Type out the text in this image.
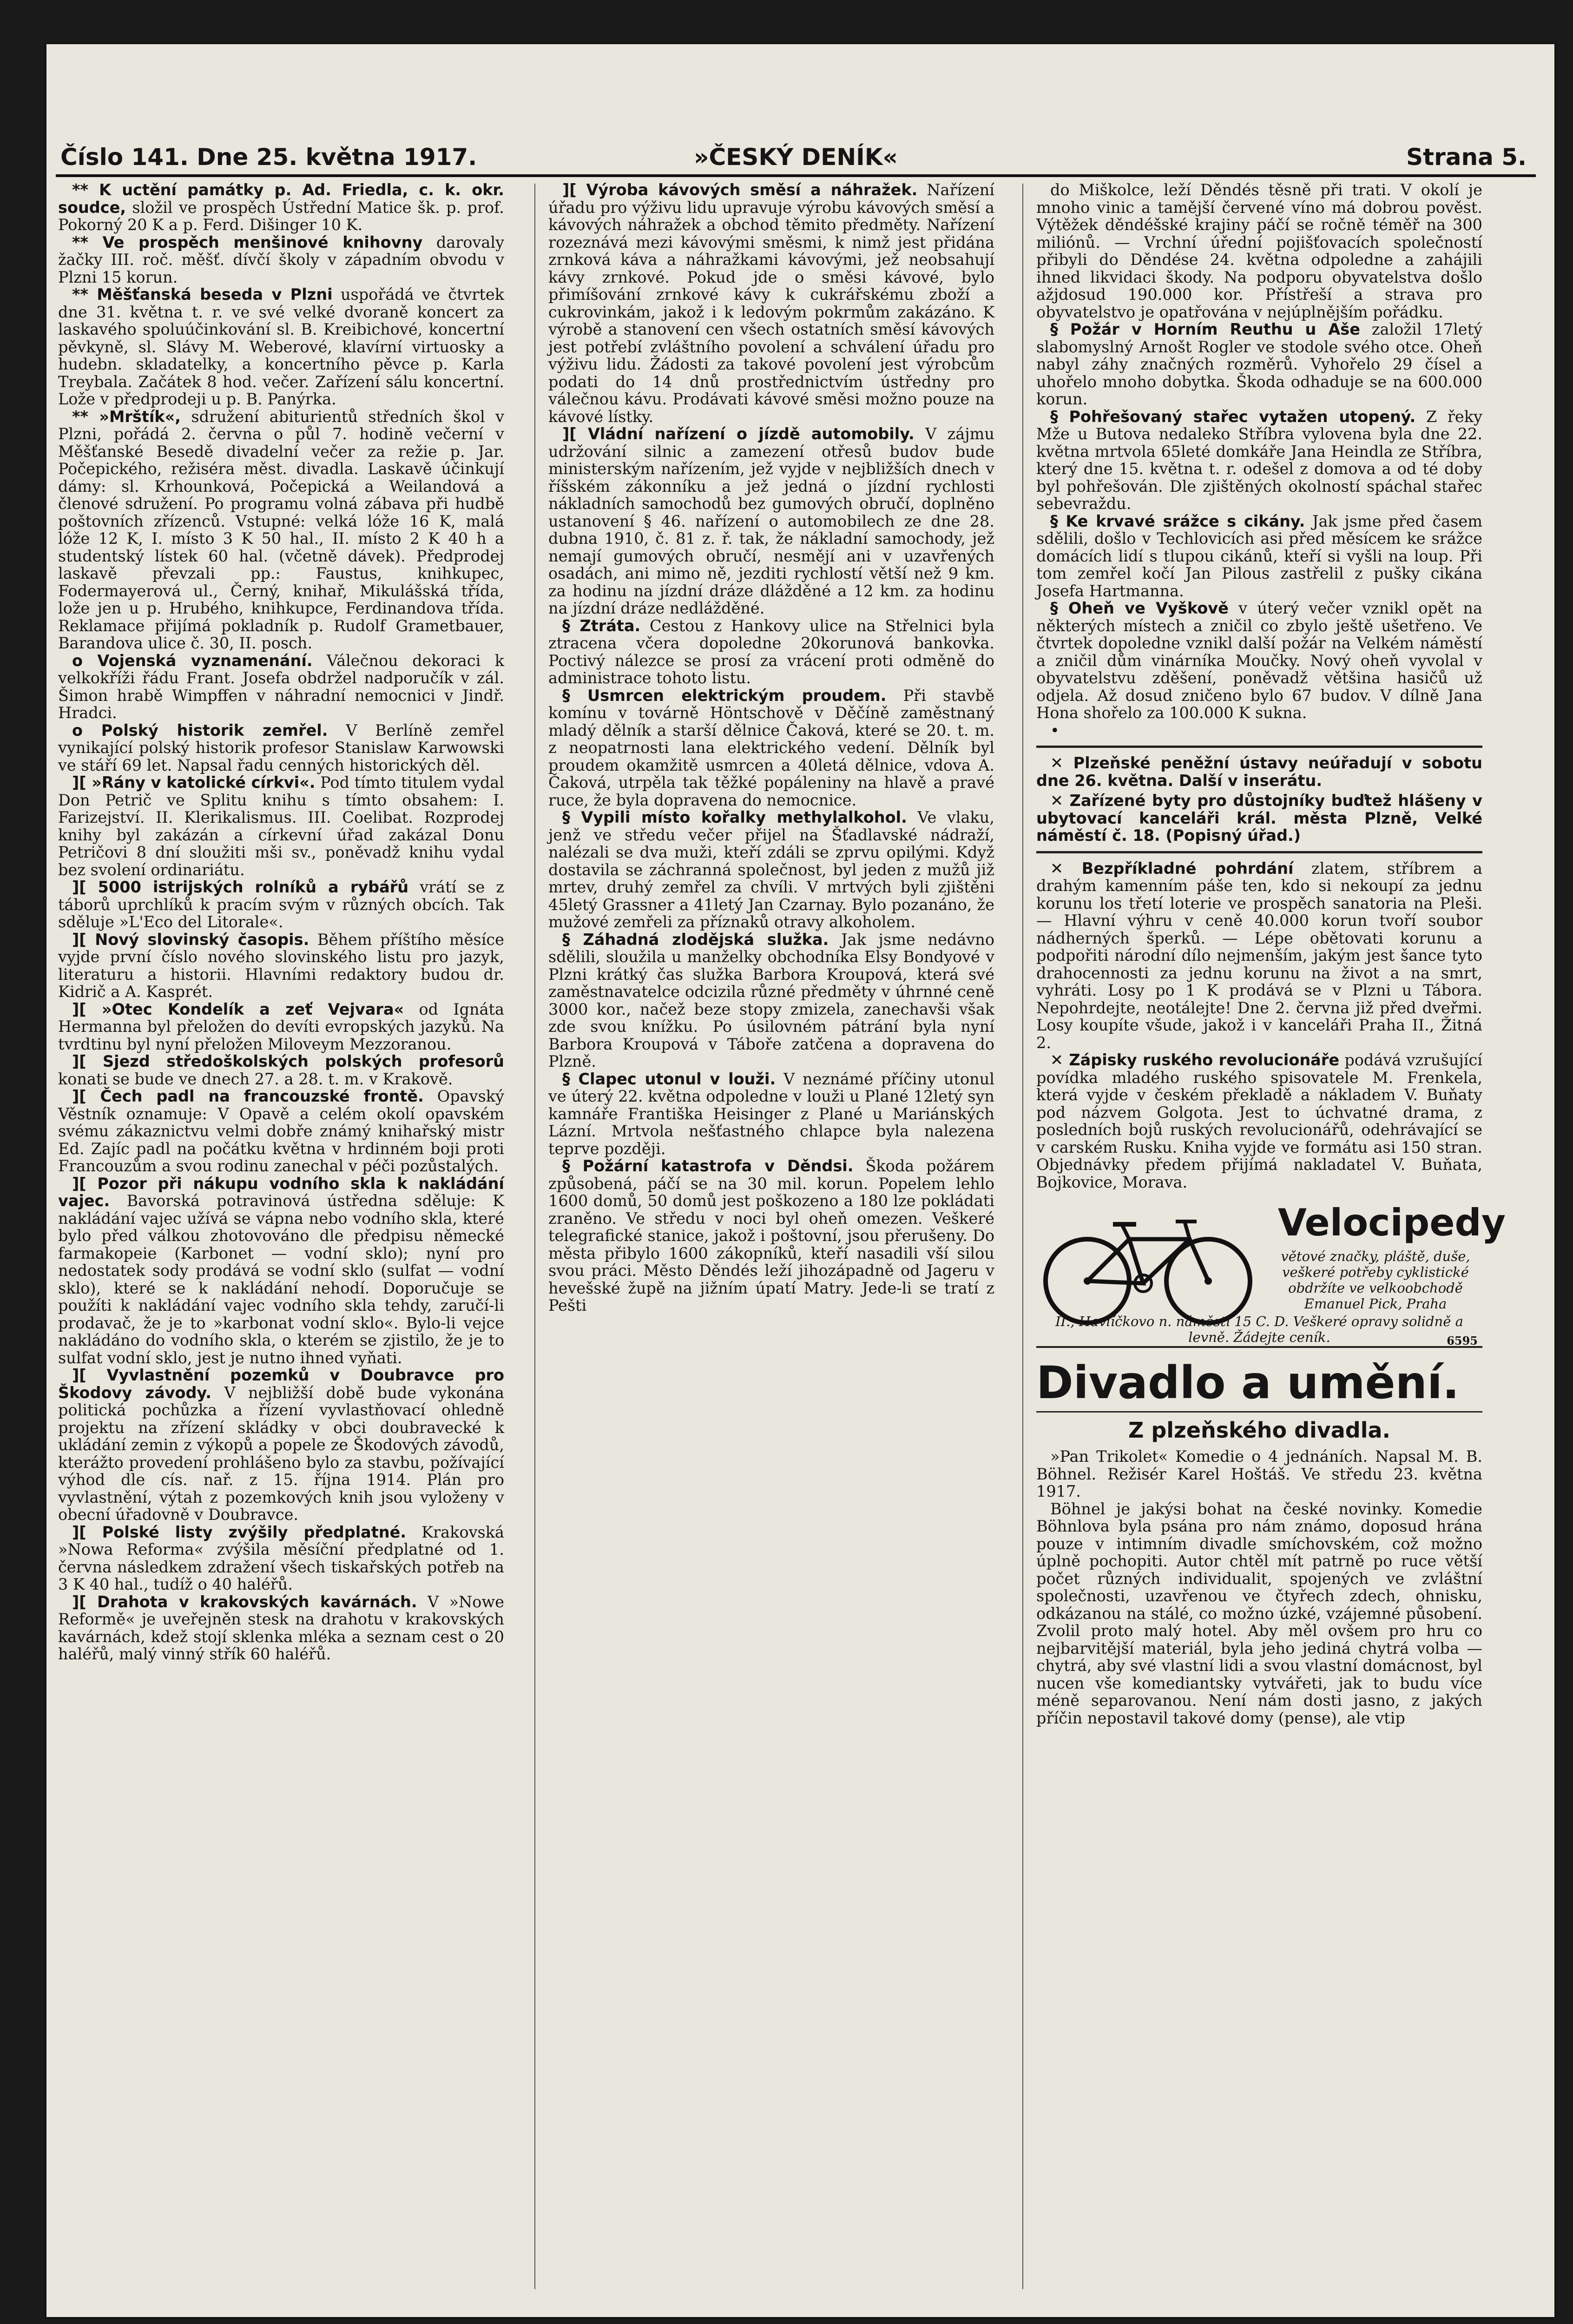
Číslo 141. Dne 25. května 1917.	»ČESKÝ DENÍK«	Strana 5.

** K uctění památky p. Ad. Friedla, c. k. okr. soudce, složil ve prospěch Ústřední Matice šk. p. prof. Pokorný 20 K a p. Ferd. Dišinger 10 K.

** Ve prospěch menšinové knihovny darovaly žačky III. roč. měšť. dívčí školy v západním obvodu v Plzni 15 korun.

** Měšťanská beseda v Plzni uspořádá ve čtvrtek dne 31. května t. r. ve své velké dvoraně koncert za laskavého spoluúčinkování sl. B. Kreibichové, koncertní pěvkyně, sl. Slávy M. Weberové, klavírní virtuosky a hudebn. skladatelky, a koncertního pěvce p. Karla Treybala. Začátek 8 hod. večer. Zařízení sálu koncertní. Lože v předprodeji u p. B. Panýrka.

** »Mrštík«, sdružení abiturientů středních škol v Plzni, pořádá 2. června o půl 7. hodině večerní v Měšťanské Besedě divadelní večer za režie p. Jar. Počepického, režiséra měst. divadla. Laskavě účinkují dámy: sl. Krhounková, Počepická a Weilandová a členové sdružení. Po programu volná zábava při hudbě poštovních zřízenců. Vstupné: velká lóže 16 K, malá lóže 12 K, I. místo 3 K 50 hal., II. místo 2 K 40 h a studentský lístek 60 hal. (včetně dávek). Předprodej laskavě převzali pp.: Faustus, knihkupec, Fodermayerová ul., Černý, knihař, Mikulášská třída, lože jen u p. Hrubého, knihkupce, Ferdinandova třída. Reklamace přijímá pokladník p. Rudolf Grametbauer, Barandova ulice č. 30, II. posch.

o Vojenská vyznamenání. Válečnou dekoraci k velkokříži řádu Frant. Josefa obdržel nadporučík v zál. Šimon hrabě Wimpffen v náhradní nemocnici v Jindř. Hradci.

o Polský historik zemřel. V Berlíně zemřel vynikající polský historik profesor Stanislaw Karwowski ve stáří 69 let. Napsal řadu cenných historických děl.

][ »Rány v katolické církvi«. Pod tímto titulem vydal Don Petrič ve Splitu knihu s tímto obsahem: I. Farizejství. II. Klerikalismus. III. Coelibat. Rozprodej knihy byl zakázán a církevní úřad zakázal Donu Petričovi 8 dní sloužiti mši sv., poněvadž knihu vydal bez svolení ordinariátu.

][ 5000 istrijských rolníků a rybářů vrátí se z táborů uprchlíků k pracím svým v různých obcích. Tak sděluje »L'Eco del Litorale«.

][ Nový slovinský časopis. Během příštího měsíce vyjde první číslo nového slovinského listu pro jazyk, literaturu a historii. Hlavními redaktory budou dr. Kidrič a A. Kasprét.

][ »Otec Kondelík a zeť Vejvara« od Ignáta Hermanna byl přeložen do devíti evropských jazyků. Na tvrdtinu byl nyní přeložen Miloveym Mezzoranou.

][ Sjezd středoškolských polských profesorů konati se bude ve dnech 27. a 28. t. m. v Krakově.

][ Čech padl na francouzské frontě. Opavský Věstník oznamuje: V Opavě a celém okolí opavském svému zákaznictvu velmi dobře známý knihařský mistr Ed. Zajíc padl na počátku května v hrdinném boji proti Francouzům a svou rodinu zanechal v péči pozůstalých.

][ Pozor při nákupu vodního skla k nakládání vajec. Bavorská potravinová ústředna sděluje: K nakládání vajec užívá se vápna nebo vodního skla, které bylo před válkou zhotovováno dle předpisu německé farmakopeie (Karbonet — vodní sklo); nyní pro nedostatek sody prodává se vodní sklo (sulfat — vodní sklo), které se k nakládání nehodí. Doporučuje se použíti k nakládání vajec vodního skla tehdy, zaručí-li prodavač, že je to »karbonat vodní sklo«. Bylo-li vejce nakládáno do vodního skla, o kterém se zjistilo, že je to sulfat vodní sklo, jest je nutno ihned vyňati.

][ Vyvlastnění pozemků v Doubravce pro Škodovy závody. V nejbližší době bude vykonána politická pochůzka a řízení vyvlastňovací ohledně projektu na zřízení skládky v obci doubravecké k ukládání zemin z výkopů a popele ze Škodových závodů, kterážto provedení prohlášeno bylo za stavbu, požívající výhod dle cís. nař. z 15. října 1914. Plán pro vyvlastnění, výtah z pozemkových knih jsou vyloženy v obecní úřadovně v Doubravce.

][ Polské listy zvýšily předplatné. Krakovská »Nowa Reforma« zvýšila měsíční předplatné od 1. června následkem zdražení všech tiskařských potřeb na 3 K 40 hal., tudíž o 40 haléřů.

][ Drahota v krakovských kavárnách. V »Nowe Reformě« je uveřejněn stesk na drahotu v krakovských kavárnách, kdež stojí sklenka mléka a seznam cest o 20 haléřů, malý vinný střík 60 haléřů.

][ Výroba kávových směsí a náhražek. Nařízení úřadu pro výživu lidu upravuje výrobu kávových směsí a kávových náhražek a obchod těmito předměty. Nařízení rozeznává mezi kávovými směsmi, k nimž jest přidána zrnková káva a náhražkami kávovými, jež neobsahují kávy zrnkové. Pokud jde o směsi kávové, bylo přimíšování zrnkové kávy k cukrářskému zboží a cukrovinkám, jakož i k ledovým pokrmům zakázáno. K výrobě a stanovení cen všech ostatních směsí kávových jest potřebí zvláštního povolení a schválení úřadu pro výživu lidu. Žádosti za takové povolení jest výrobcům podati do 14 dnů prostřednictvím ústředny pro válečnou kávu. Prodávati kávové směsi možno pouze na kávové lístky.

][ Vládní nařízení o jízdě automobily. V zájmu udržování silnic a zamezení otřesů budov bude ministerským nařízením, jež vyjde v nejbližších dnech v říšském zákonníku a jež jedná o jízdní rychlosti nákladních samochodů bez gumových obručí, doplněno ustanovení § 46. nařízení o automobilech ze dne 28. dubna 1910, č. 81 z. ř. tak, že nákladní samochody, jež nemají gumových obručí, nesmějí ani v uzavřených osadách, ani mimo ně, jezditi rychlostí větší než 9 km. za hodinu na jízdní dráze dlážděné a 12 km. za hodinu na jízdní dráze nedlážděné.

§ Ztráta. Cestou z Hankovy ulice na Střelnici byla ztracena včera dopoledne 20korunová bankovka. Poctivý nálezce se prosí za vrácení proti odměně do administrace tohoto listu.

§ Usmrcen elektrickým proudem. Při stavbě komínu v továrně Höntschově v Děčíně zaměstnaný mladý dělník a starší dělnice Čaková, které se 20. t. m. z neopatrnosti lana elektrického vedení. Dělník byl proudem okamžitě usmrcen a 40letá dělnice, vdova A. Čaková, utrpěla tak těžké popáleniny na hlavě a pravé ruce, že byla dopravena do nemocnice.

§ Vypili místo kořalky methylalkohol. Ve vlaku, jenž ve středu večer přijel na Šťadlavské nádraží, nalézali se dva muži, kteří zdáli se zprvu opilými. Když dostavila se záchranná společnost, byl jeden z mužů již mrtev, druhý zemřel za chvíli. V mrtvých byli zjištěni 45letý Grassner a 41letý Jan Czarnay. Bylo pozanáno, že mužové zemřeli za příznaků otravy alkoholem.

§ Záhadná zlodějská služka. Jak jsme nedávno sdělili, sloužila u manželky obchodníka Elsy Bondyové v Plzni krátký čas služka Barbora Kroupová, která své zaměstnavatelce odcizila různé předměty v úhrnné ceně 3000 kor., načež beze stopy zmizela, zanechavši však zde svou knížku. Po úsilovném pátrání byla nyní Barbora Kroupová v Táboře zatčena a dopravena do Plzně.

§ Clapec utonul v louži. V neznámé příčiny utonul ve úterý 22. května odpoledne v louži u Plané 12letý syn kamnáře Františka Heisinger z Plané u Mariánských Lázní. Mrtvola nešťastného chlapce byla nalezena teprve později.

§ Požární katastrofa v Děndsi. Škoda požárem způsobená, páčí se na 30 mil. korun. Popelem lehlo 1600 domů, 50 domů jest poškozeno a 180 lze pokládati zraněno. Ve středu v noci byl oheň omezen. Veškeré telegrafické stanice, jakož i poštovní, jsou přerušeny. Do města přibylo 1600 zákopníků, kteří nasadili vší silou svou práci. Město Děndés leží jihozápadně od Jageru v hevešské župě na jižním úpatí Matry. Jede-li se tratí z Pešti

do Miškolce, leží Děndés těsně při trati. V okolí je mnoho vinic a tamější červené víno má dobrou pověst. Výtěžek děndéšské krajiny páčí se ročně téměř na 300 miliónů. — Vrchní úřední pojišťovacích společností přibyli do Děndése 24. května odpoledne a zahájili ihned likvidaci škody. Na podporu obyvatelstva došlo ažjdosud 190.000 kor. Přístřeší a strava pro obyvatelstvo je opatřována v nejúplnějším pořádku.

§ Požár v Horním Reuthu u Aše založil 17letý slabomyslný Arnošt Rogler ve stodole svého otce. Oheň nabyl záhy značných rozměrů. Vyhořelo 29 čísel a uhořelo mnoho dobytka. Škoda odhaduje se na 600.000 korun.

§ Pohřešovaný stařec vytažen utopený. Z řeky Mže u Butova nedaleko Stříbra vylovena byla dne 22. května mrtvola 65leté domkáře Jana Heindla ze Stříbra, který dne 15. května t. r. odešel z domova a od té doby byl pohřešován. Dle zjištěných okolností spáchal stařec sebevraždu.

§ Ke krvavé srážce s cikány. Jak jsme před časem sdělili, došlo v Techlovicích asi před měsícem ke srážce domácích lidí s tlupou cikánů, kteří si vyšli na loup. Při tom zemřel kočí Jan Pilous zastřelil z pušky cikána Josefa Hartmanna.

§ Oheň ve Vyškově v úterý večer vznikl opět na některých místech a zničil co zbylo ještě ušetřeno. Ve čtvrtek dopoledne vznikl další požár na Velkém náměstí a zničil dům vinárníka Moučky. Nový oheň vyvolal v obyvatelstvu zděšení, poněvadž většina hasičů už odjela. Až dosud zničeno bylo 67 budov. V dílně Jana Hona shořelo za 100.000 K sukna.

•

✕ Plzeňské peněžní ústavy neúřadují v sobotu dne 26. května. Další v inserátu.

✕ Zařízené byty pro důstojníky buďtež hlášeny v ubytovací kanceláři král. města Plzně, Velké náměstí č. 18. (Popisný úřad.)

✕ Bezpříkladné pohrdání zlatem, stříbrem a drahým kamenním páše ten, kdo si nekoupí za jednu korunu los třetí loterie ve prospěch sanatoria na Pleši. — Hlavní výhru v ceně 40.000 korun tvoří soubor nádherných šperků. — Lépe obětovati korunu a podpořiti národní dílo nejmenším, jakým jest šance tyto drahocennosti za jednu korunu na život a na smrt, vyhráti. Losy po 1 K prodává se v Plzni u Tábora. Nepohrdejte, neotálejte! Dne 2. června již před dveřmi. Losy koupíte všude, jakož i v kanceláři Praha II., Žitná 2.

✕ Zápisky ruského revolucionáře podává vzrušující povídka mladého ruského spisovatele M. Frenkela, která vyjde v českém překladě a nákladem V. Buňaty pod názvem Golgota. Jest to úchvatné drama, z posledních bojů ruských revolucionářů, odehrávající se v carském Rusku. Kniha vyjde ve formátu asi 150 stran. Objednávky předem přijímá nakladatel V. Buňata, Bojkovice, Morava.

Velocipedy
větové značky, pláště, duše, veškeré potřeby cyklistické obdržíte ve velkoobchodě Emanuel Pick, Praha
II., Havlíčkovo n. náměstí 15 C. D. Veškeré opravy solidně a levně. Žádejte ceník.	6595
Divadlo a umění.
Z plzeňského divadla.

»Pan Trikolet« Komedie o 4 jednáních. Napsal M. B. Böhnel. Režisér Karel Hoštáš. Ve středu 23. května 1917.

Böhnel je jakýsi bohat na české novinky. Komedie Böhnlova byla psána pro nám známo, doposud hrána pouze v intimním divadle smíchovském, což možno úplně pochopiti. Autor chtěl mít patrně po ruce větší počet různých individualit, spojených ve zvláštní společnosti, uzavřenou ve čtyřech zdech, ohnisku, odkázanou na stálé, co možno úzké, vzájemné působení. Zvolil proto malý hotel. Aby měl ovšem pro hru co nejbarvitější materiál, byla jeho jediná chytrá volba — chytrá, aby své vlastní lidi a svou vlastní domácnost, byl nucen vše komediantsky vytvářeti, jak to budu více méně separovanou. Není nám dosti jasno, z jakých příčin nepostavil takové domy (pense), ale vtip
